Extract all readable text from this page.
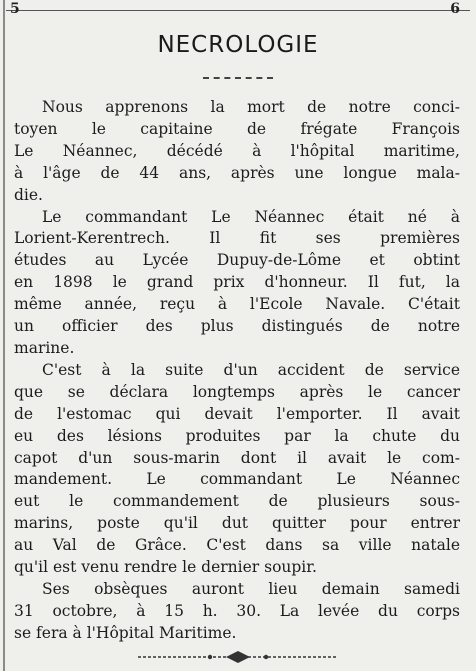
5	6
NECROLOGIE

Nous apprenons la mort de notre conci-
toyen le capitaine de frégate François
Le Néannec, décédé à l'hôpital maritime,
à l'âge de 44 ans, après une longue mala-
die.

Le commandant Le Néannec était né à
Lorient-Kerentrech. Il fit ses premières
études au Lycée Dupuy-de-Lôme et obtint
en 1898 le grand prix d'honneur. Il fut, la
même année, reçu à l'Ecole Navale. C'était
un officier des plus distingués de notre
marine.

C'est à la suite d'un accident de service
que se déclara longtemps après le cancer
de l'estomac qui devait l'emporter. Il avait
eu des lésions produites par la chute du
capot d'un sous-marin dont il avait le com-
mandement. Le commandant Le Néannec
eut le commandement de plusieurs sous-
marins, poste qu'il dut quitter pour entrer
au Val de Grâce. C'est dans sa ville natale
qu'il est venu rendre le dernier soupir.

Ses obsèques auront lieu demain samedi
31 octobre, à 15 h. 30. La levée du corps
se fera à l'Hôpital Maritime.
